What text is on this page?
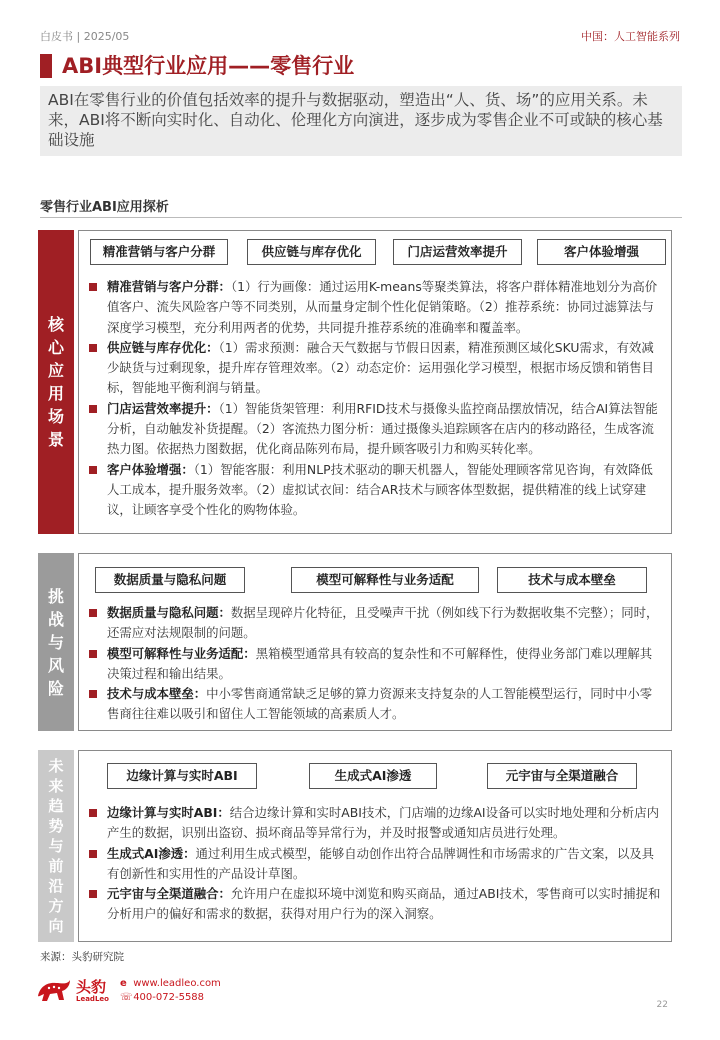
白皮书 | 2025/05	中国：人工智能系列
ABI典型行业应用——零售行业
ABI在零售行业的价值包括效率的提升与数据驱动，塑造出“人、货、场”的应用关系。未来，ABI将不断向实时化、自动化、伦理化方向演进，逐步成为零售企业不可或缺的核心基础设施
零售行业ABI应用探析
核
心
应
用
场
景
精准营销与客户分群	供应链与库存优化	门店运营效率提升	客户体验增强
精准营销与客户分群：（1）行为画像：通过运用K-means等聚类算法，将客户群体精准地划分为高价值客户、流失风险客户等不同类别，从而量身定制个性化促销策略。（2）推荐系统：协同过滤算法与深度学习模型，充分利用两者的优势，共同提升推荐系统的准确率和覆盖率。
供应链与库存优化：（1）需求预测：融合天气数据与节假日因素，精准预测区域化SKU需求，有效减少缺货与过剩现象，提升库存管理效率。（2）动态定价：运用强化学习模型，根据市场反馈和销售目标，智能地平衡利润与销量。
门店运营效率提升：（1）智能货架管理：利用RFID技术与摄像头监控商品摆放情况，结合AI算法智能分析，自动触发补货提醒。（2）客流热力图分析：通过摄像头追踪顾客在店内的移动路径，生成客流热力图。依据热力图数据，优化商品陈列布局，提升顾客吸引力和购买转化率。
客户体验增强：（1）智能客服：利用NLP技术驱动的聊天机器人，智能处理顾客常见咨询，有效降低人工成本，提升服务效率。（2）虚拟试衣间：结合AR技术与顾客体型数据，提供精准的线上试穿建议，让顾客享受个性化的购物体验。
挑
战
与
风
险
数据质量与隐私问题	模型可解释性与业务适配	技术与成本壁垒
数据质量与隐私问题：数据呈现碎片化特征，且受噪声干扰（例如线下行为数据收集不完整）；同时，还需应对法规限制的问题。
模型可解释性与业务适配：黑箱模型通常具有较高的复杂性和不可解释性，使得业务部门难以理解其决策过程和输出结果。
技术与成本壁垒：中小零售商通常缺乏足够的算力资源来支持复杂的人工智能模型运行，同时中小零售商往往难以吸引和留住人工智能领域的高素质人才。
未
来
趋
势
与
前
沿
方
向
边缘计算与实时ABI	生成式AI渗透	元宇宙与全渠道融合
边缘计算与实时ABI：结合边缘计算和实时ABI技术，门店端的边缘AI设备可以实时地处理和分析店内产生的数据，识别出盗窃、损坏商品等异常行为，并及时报警或通知店员进行处理。
生成式AI渗透：通过利用生成式模型，能够自动创作出符合品牌调性和市场需求的广告文案，以及具有创新性和实用性的产品设计草图。
元宇宙与全渠道融合：允许用户在虚拟环境中浏览和购买商品，通过ABI技术，零售商可以实时捕捉和分析用户的偏好和需求的数据，获得对用户行为的深入洞察。
来源：头豹研究院
头豹
LeadLeo
e www.leadleo.com
☏ 400-072-5588
22
